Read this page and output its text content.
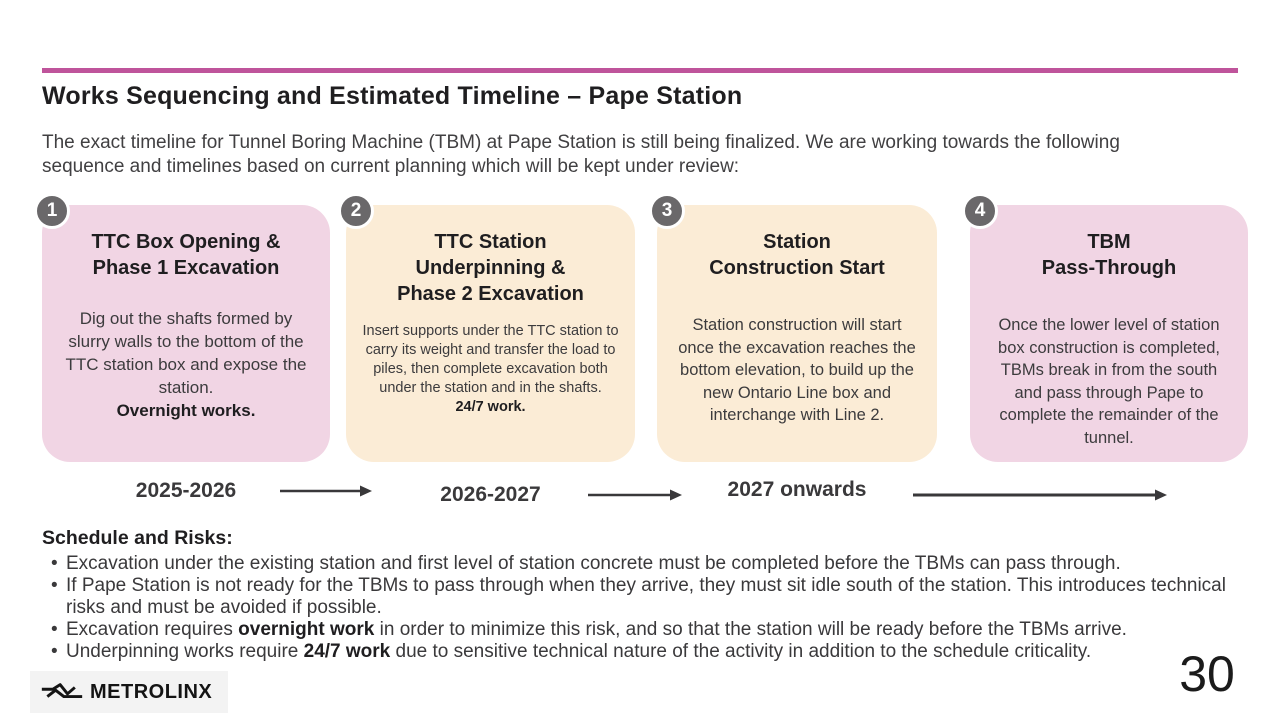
Works Sequencing and Estimated Timeline – Pape Station

The exact timeline for Tunnel Boring Machine (TBM) at Pape Station is still being finalized. We are working towards the following sequence and timelines based on current planning which will be kept under review:

1
TTC Box Opening &
Phase 1 Excavation
Dig out the shafts formed by slurry walls to the bottom of the TTC station box and expose the station.
Overnight works.
2
TTC Station
Underpinning &
Phase 2 Excavation
Insert supports under the TTC station to carry its weight and transfer the load to piles, then complete excavation both under the station and in the shafts.
24/7 work.
3
Station
Construction Start
Station construction will start once the excavation reaches the bottom elevation, to build up the new Ontario Line box and interchange with Line 2.
4
TBM
Pass-Through
Once the lower level of station box construction is completed, TBMs break in from the south and pass through Pape to complete the remainder of the tunnel.
2025-2026	2026-2027	2027 onwards
Schedule and Risks:
• Excavation under the existing station and first level of station concrete must be completed before the TBMs can pass through.
• If Pape Station is not ready for the TBMs to pass through when they arrive, they must sit idle south of the station. This introduces technical risks and must be avoided if possible.
• Excavation requires overnight work in order to minimize this risk, and so that the station will be ready before the TBMs arrive.
• Underpinning works require 24/7 work due to sensitive technical nature of the activity in addition to the schedule criticality.
METROLINX	30
